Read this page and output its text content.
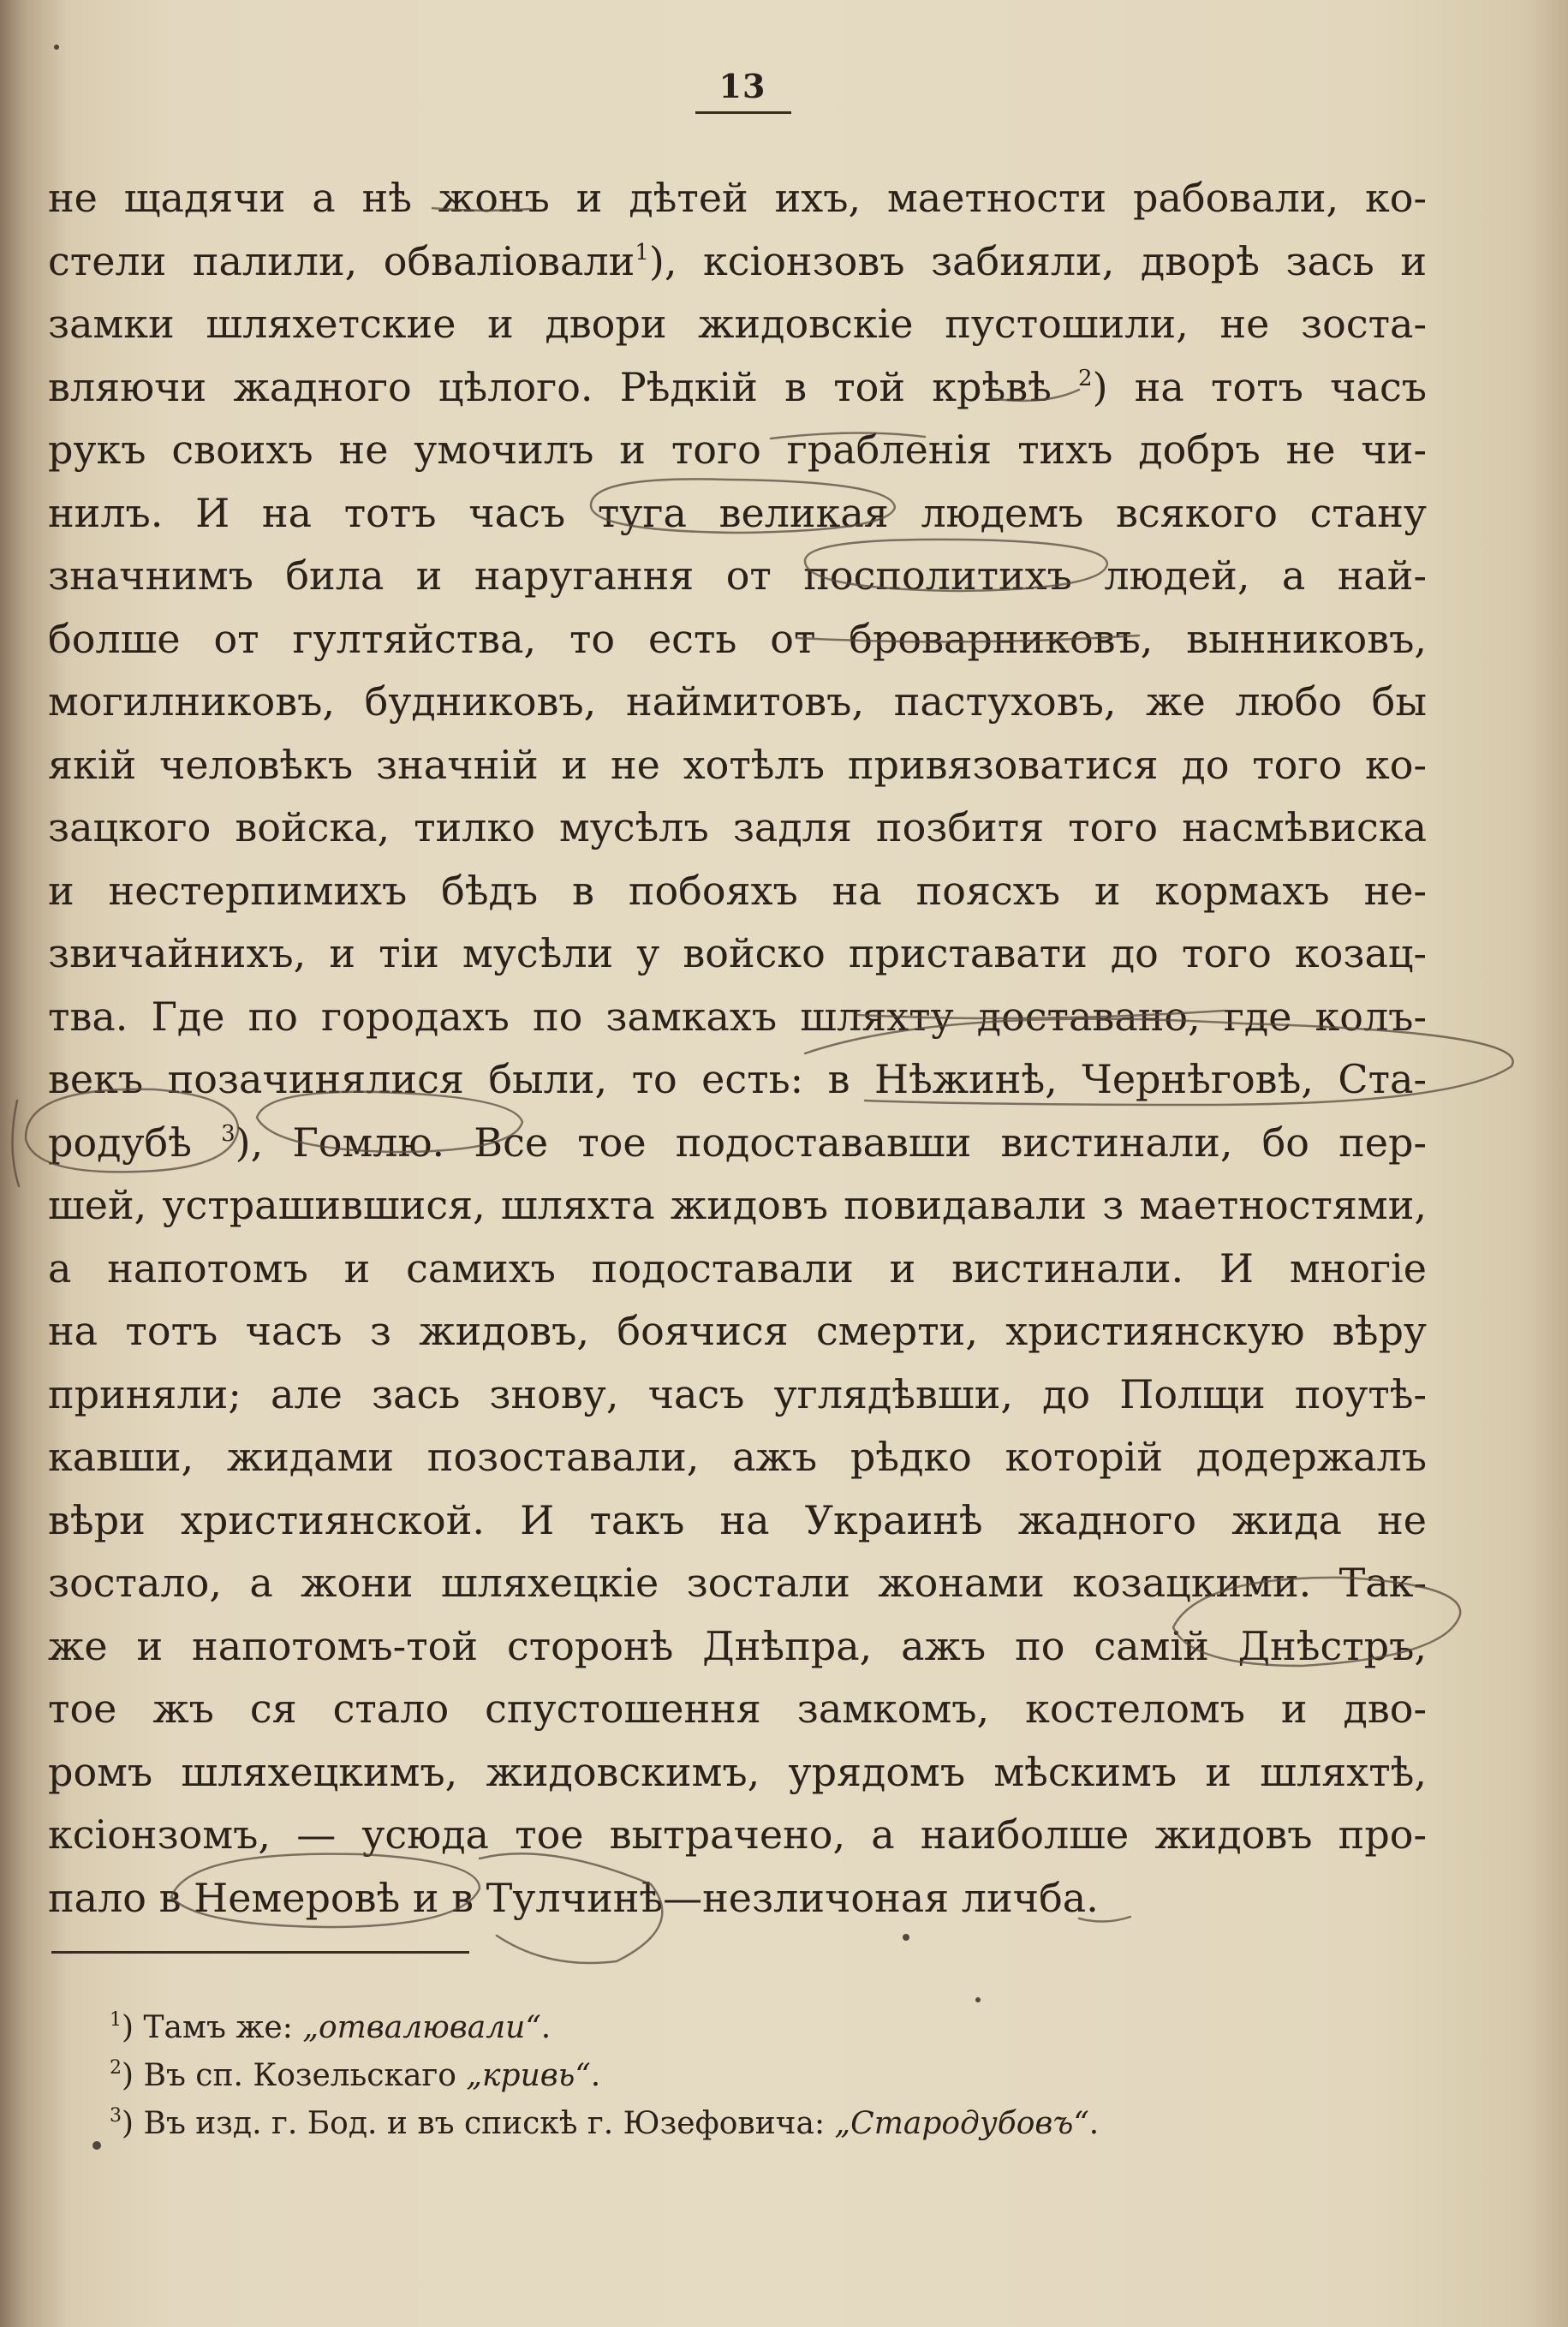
13
не щадячи а нѣ жонъ и дѣтей ихъ, маетности рабовали, ко-
стели палили, обваліовали$^1$), ксіонзовъ забияли, дворѣ зась и
замки шляхетские и двори жидовскіе пустошили, не зоста-
вляючи жадного цѣлого. Рѣдкій в той крѣвѣ $^2$) на тотъ часъ
рукъ своихъ не умочилъ и того грабленія тихъ добръ не чи-
нилъ. И на тотъ часъ туга великая людемъ всякого стану
значнимъ била и наругання от посполитихъ людей, а най-
болше от гултяйства, то есть от броварниковъ, вынниковъ,
могилниковъ, будниковъ, наймитовъ, пастуховъ, же любо бы
якій человѣкъ значній и не хотѣлъ привязоватися до того ко-
зацкого войска, тилко мусѣлъ задля позбитя того насмѣвиска
и нестерпимихъ бѣдъ в побояхъ на поясхъ и кормахъ не-
звичайнихъ, и тіи мусѣли у войско приставати до того козац-
тва. Где по городахъ по замкахъ шляхту доставано, где колъ-
векъ позачинялися были, то есть: в Нѣжинѣ, Чернѣговѣ, Ста-
родубѣ $^3$), Гомлю. Все тое подостававши вистинали, бо пер-
шей, устрашившися, шляхта жидовъ повидавали з маетностями,
а напотомъ и самихъ подоставали и вистинали. И многіе
на тотъ часъ з жидовъ, боячися смерти, християнскую вѣру
приняли; але зась знову, часъ углядѣвши, до Полщи поутѣ-
кавши, жидами позоставали, ажъ рѣдко которій додержалъ
вѣри християнской. И такъ на Украинѣ жадного жида не
зостало, а жони шляхецкіе зостали жонами козацкими. Так-
же и напотомъ-той сторонѣ Днѣпра, ажъ по самій Днѣстръ,
тое жъ ся стало спустошення замкомъ, костеломъ и дво-
ромъ шляхецкимъ, жидовскимъ, урядомъ мѣскимъ и шляхтѣ,
ксіонзомъ, — усюда тое вытрачено, а наиболше жидовъ про-
пало в Немеровѣ и в Тулчинѣ—незличоная личба.
$^1$) Тамъ же: „отвалювали“.
$^2$) Въ сп. Козельскаго „кривь“.
$^3$) Въ изд. г. Бод. и въ спискѣ г. Юзефовича: „Стародубовъ“.
